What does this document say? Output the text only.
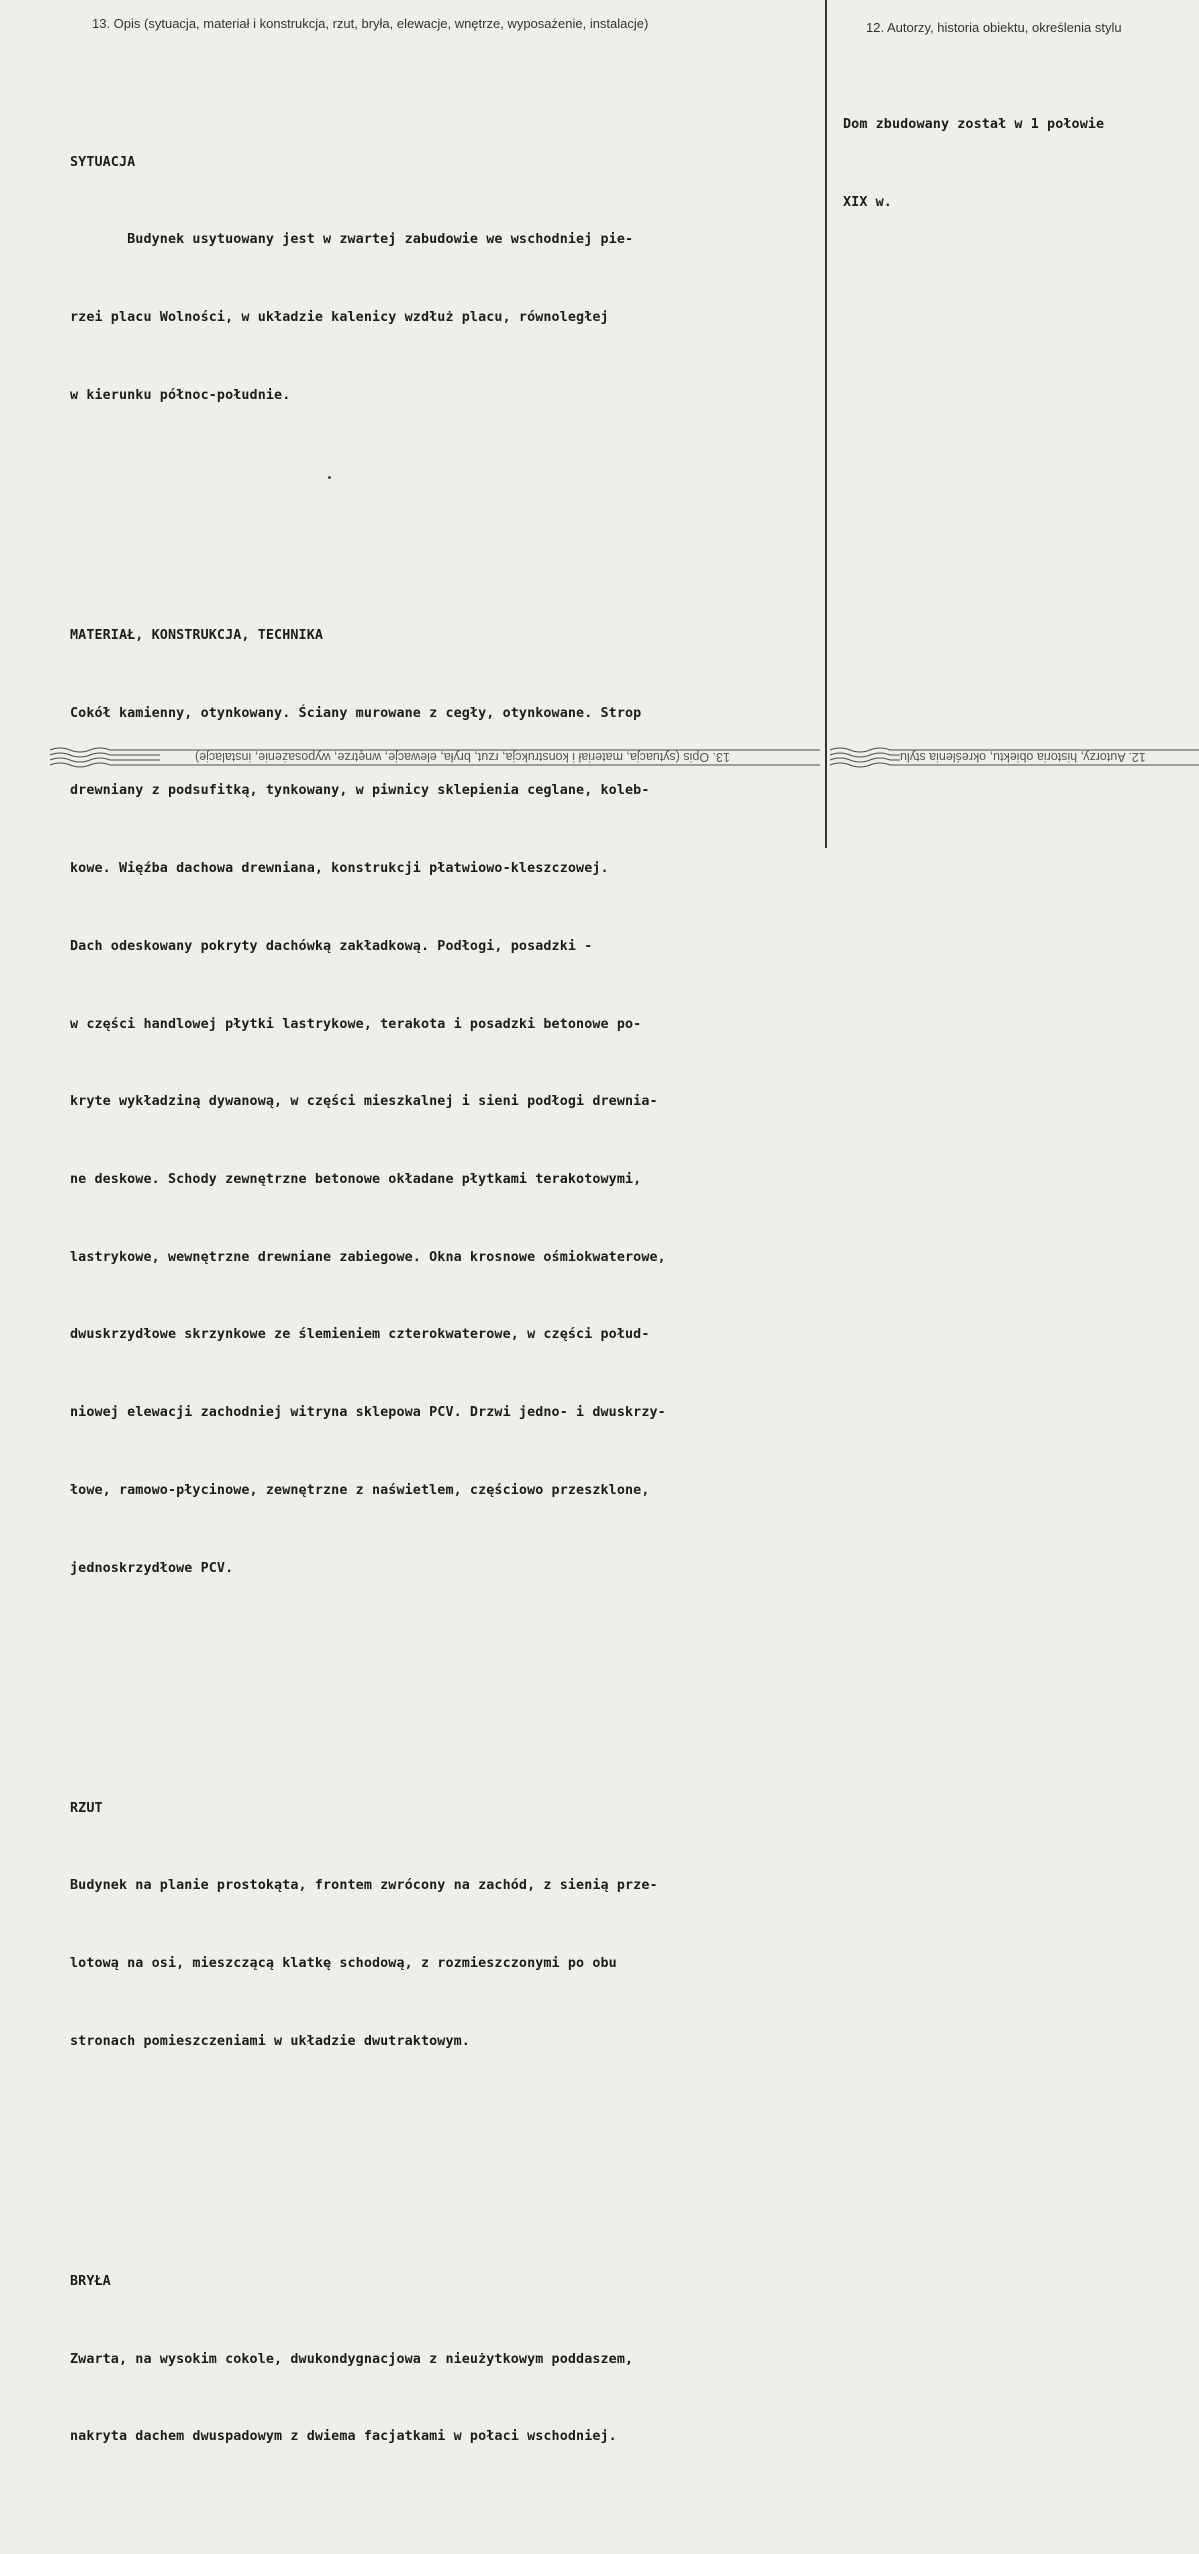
13. Opis (sytuacja, materiał i konstrukcja, rzut, bryła, elewacje, wnętrze, wyposażenie, instalacje)	12. Autorzy, historia obiektu, określenia stylu

SYTUACJA

Budynek usytuowany jest w zwartej zabudowie we wschodniej pie-

rzei placu Wolności, w układzie kalenicy wzdłuż placu, równoległej

w kierunku północ-południe.

MATERIAŁ, KONSTRUKCJA, TECHNIKA

Cokół kamienny, otynkowany. Ściany murowane z cegły, otynkowane. Strop

drewniany z podsufitką, tynkowany, w piwnicy sklepienia ceglane, koleb-

kowe. Więźba dachowa drewniana, konstrukcji płatwiowo-kleszczowej.

Dach odeskowany pokryty dachówką zakładkową. Podłogi, posadzki -

w części handlowej płytki lastrykowe, terakota i posadzki betonowe po-

kryte wykładziną dywanową, w części mieszkalnej i sieni podłogi drewnia-

ne deskowe. Schody zewnętrzne betonowe okładane płytkami terakotowymi,

lastrykowe, wewnętrzne drewniane zabiegowe. Okna krosnowe ośmiokwaterowe,

dwuskrzydłowe skrzynkowe ze ślemieniem czterokwaterowe, w części połud-

niowej elewacji zachodniej witryna sklepowa PCV. Drzwi jedno- i dwuskrzy-

łowe, ramowo-płycinowe, zewnętrzne z naświetlem, częściowo przeszklone,

jednoskrzydłowe PCV.

RZUT

Budynek na planie prostokąta, frontem zwrócony na zachód, z sienią prze-

lotową na osi, mieszczącą klatkę schodową, z rozmieszczonymi po obu

stronach pomieszczeniami w układzie dwutraktowym.

BRYŁA

Zwarta, na wysokim cokole, dwukondygnacjowa z nieużytkowym poddaszem,

nakryta dachem dwuspadowym z dwiema facjatkami w połaci wschodniej.

Dom zbudowany został w 1 połowie

XIX w.

13. Opis (sytuacja, materiał i konstrukcja, rzut, bryła, elewacje, wnętrze, wyposażenie, instalacje)	12. Autorzy, historia obiektu, określenia stylu
